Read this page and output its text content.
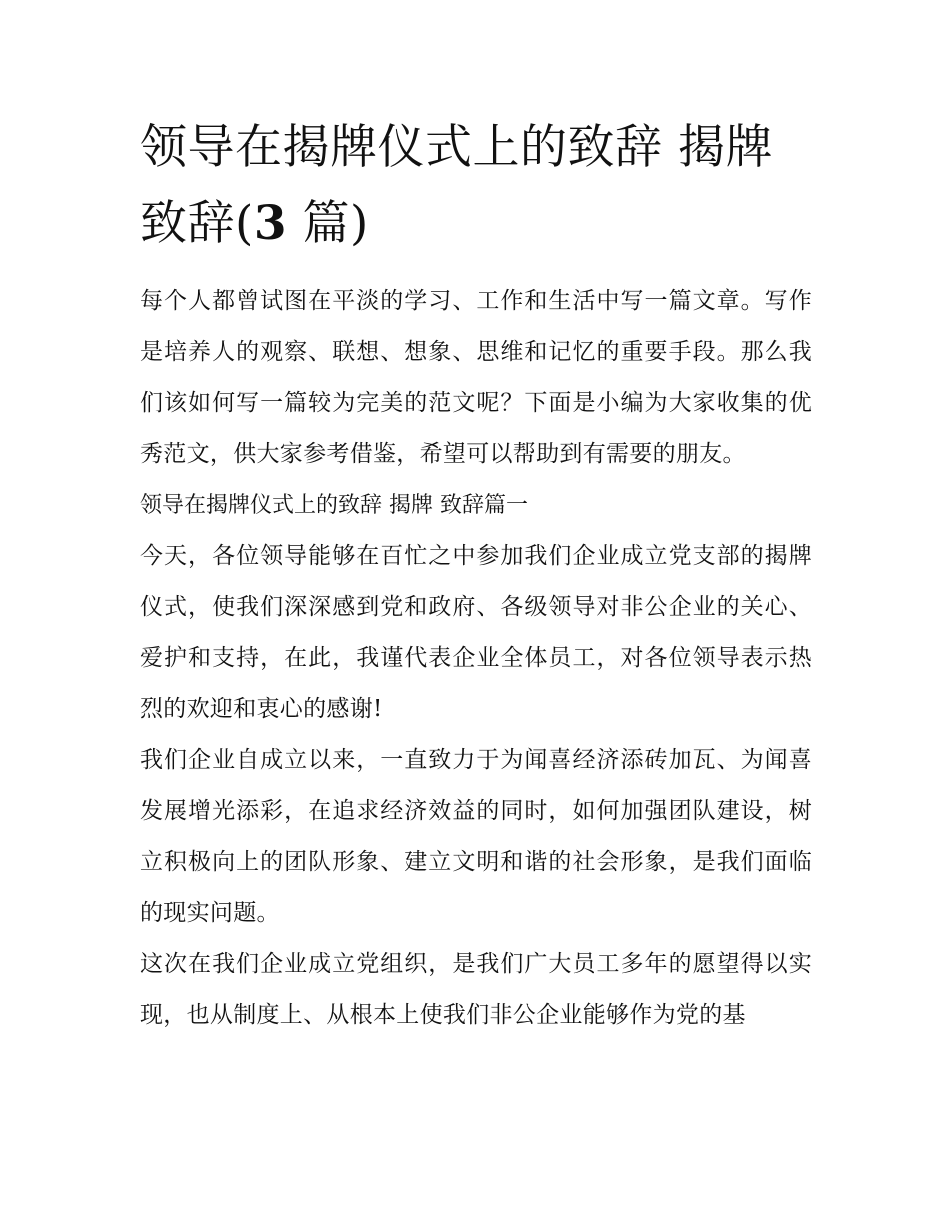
领导在揭牌仪式上的致辞 揭牌
致辞(3 篇)

每个人都曾试图在平淡的学习、工作和生活中写一篇文章。写作是培养人的观察、联想、想象、思维和记忆的重要手段。那么我们该如何写一篇较为完美的范文呢？下面是小编为大家收集的优秀范文，供大家参考借鉴，希望可以帮助到有需要的朋友。

领导在揭牌仪式上的致辞 揭牌 致辞篇一

今天，各位领导能够在百忙之中参加我们企业成立党支部的揭牌仪式，使我们深深感到党和政府、各级领导对非公企业的关心、爱护和支持，在此，我谨代表企业全体员工，对各位领导表示热烈的欢迎和衷心的感谢!

我们企业自成立以来，一直致力于为闻喜经济添砖加瓦、为闻喜发展增光添彩，在追求经济效益的同时，如何加强团队建设，树立积极向上的团队形象、建立文明和谐的社会形象，是我们面临的现实问题。

这次在我们企业成立党组织，是我们广大员工多年的愿望得以实现，也从制度上、从根本上使我们非公企业能够作为党的基
